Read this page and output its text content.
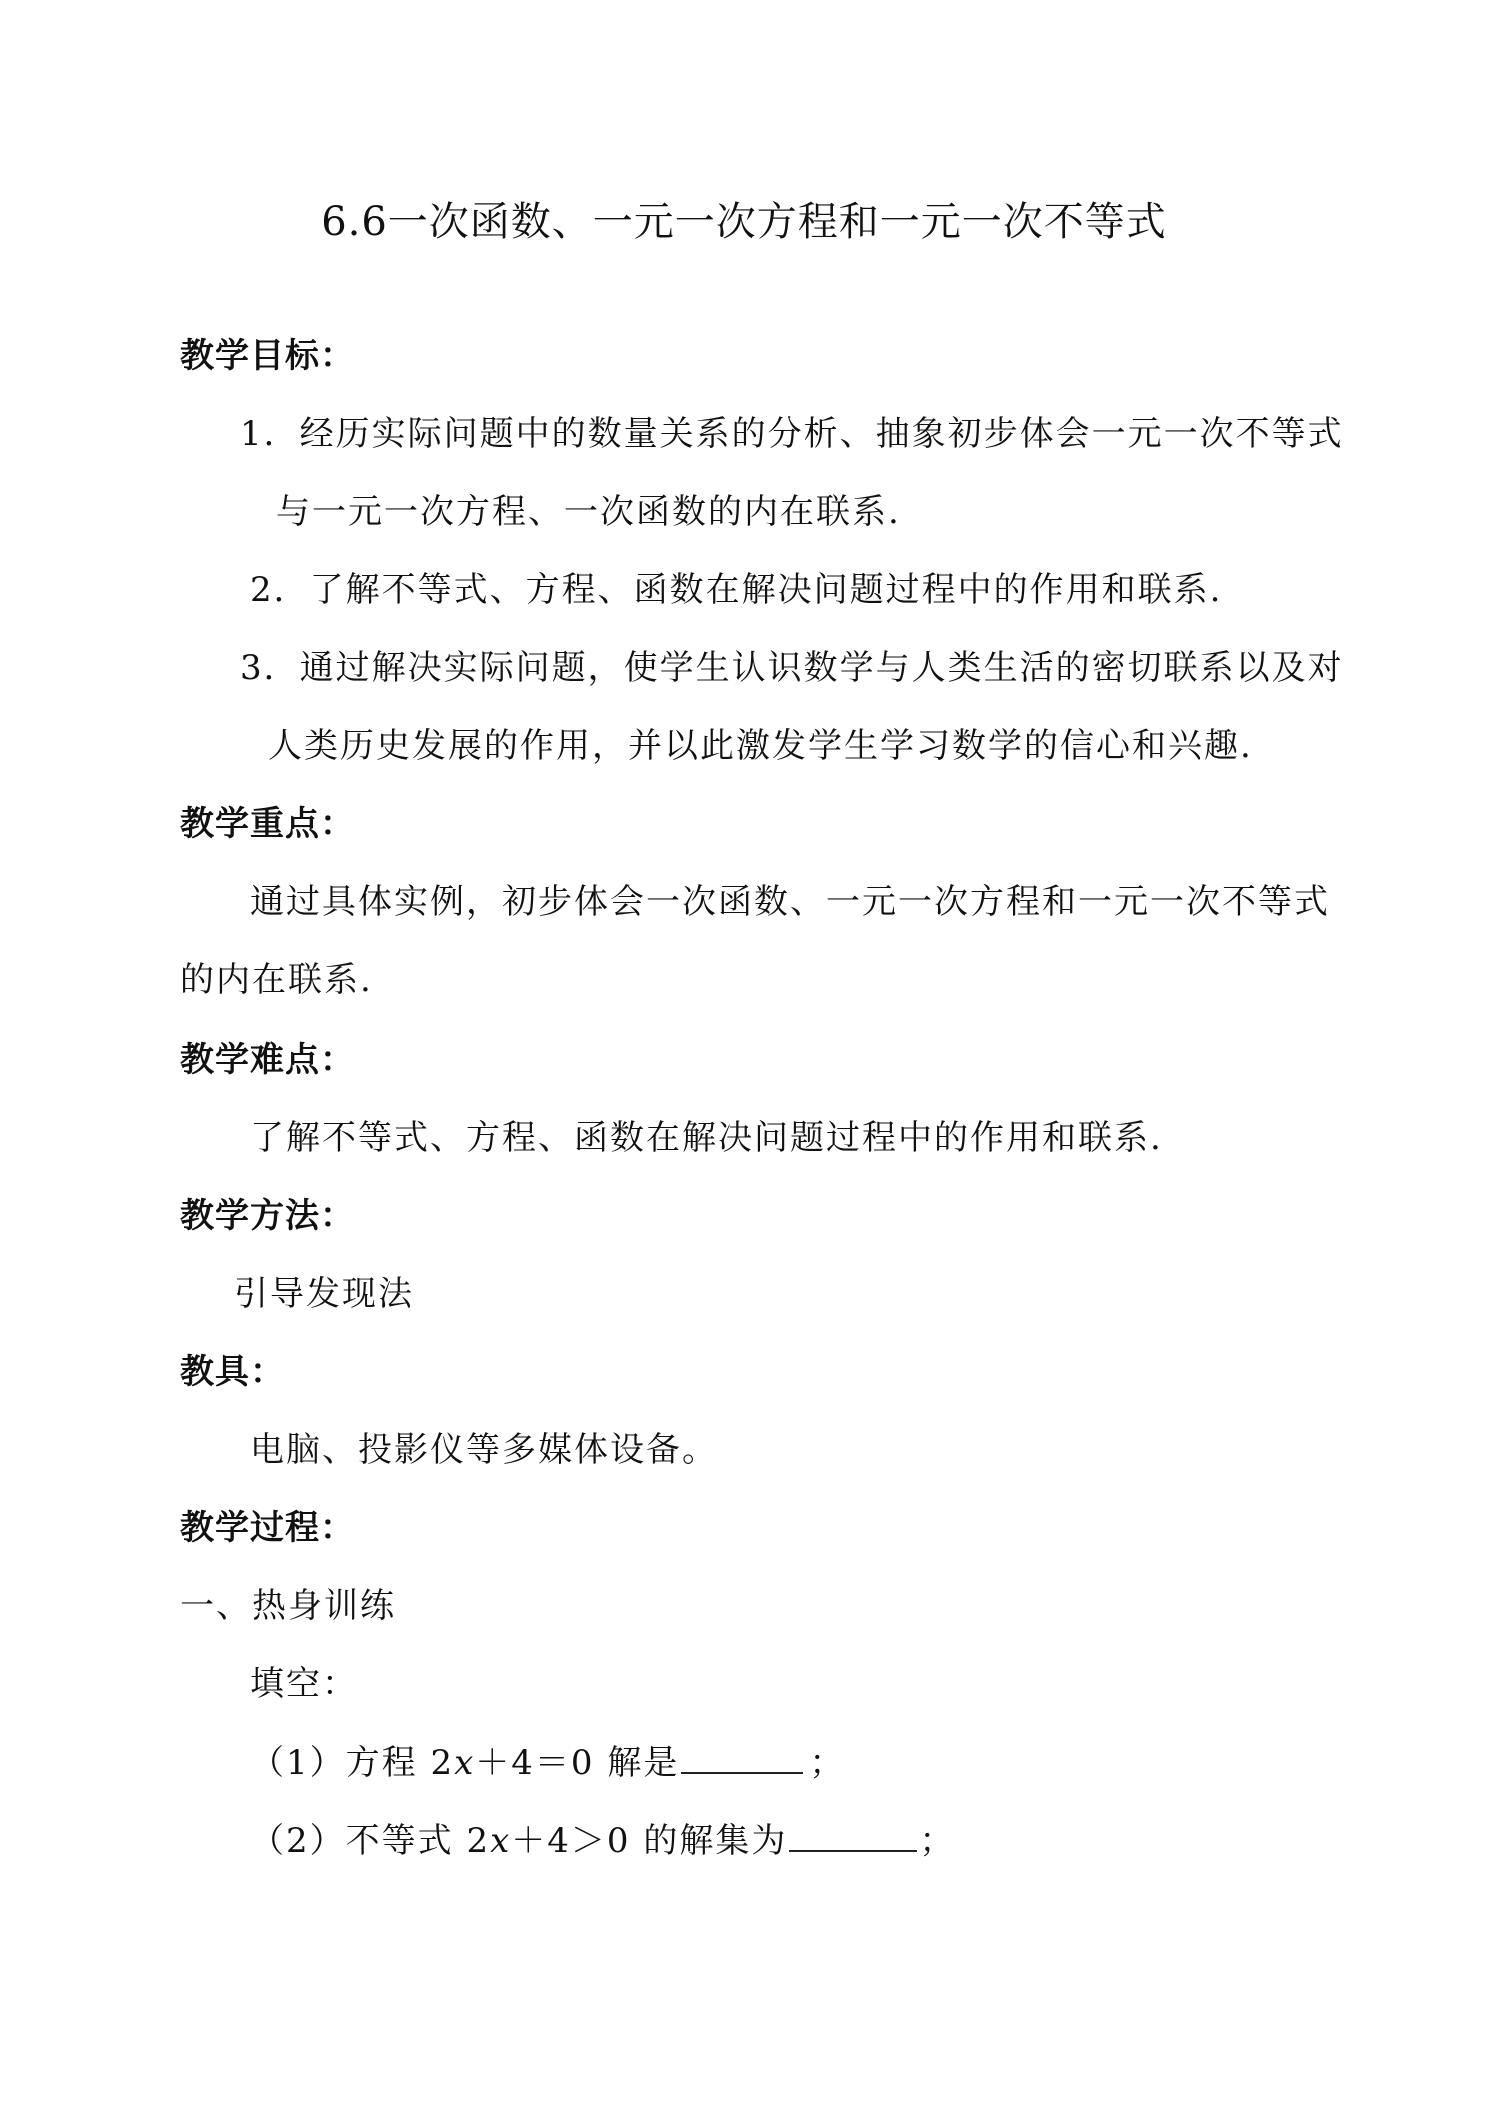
6.6一次函数、一元一次方程和一元一次不等式
教学目标：
1．经历实际问题中的数量关系的分析、抽象初步体会一元一次不等式
与一元一次方程、一次函数的内在联系.
2．了解不等式、方程、函数在解决问题过程中的作用和联系.
3．通过解决实际问题，使学生认识数学与人类生活的密切联系以及对
人类历史发展的作用，并以此激发学生学习数学的信心和兴趣.
教学重点：
通过具体实例，初步体会一次函数、一元一次方程和一元一次不等式
的内在联系.
教学难点：
了解不等式、方程、函数在解决问题过程中的作用和联系.
教学方法：
引导发现法
教具：
电脑、投影仪等多媒体设备。
教学过程：
一、热身训练
填空：
（1）方程 2x＋4＝0 解是	；
（2）不等式 2x＋4＞0 的解集为	；
